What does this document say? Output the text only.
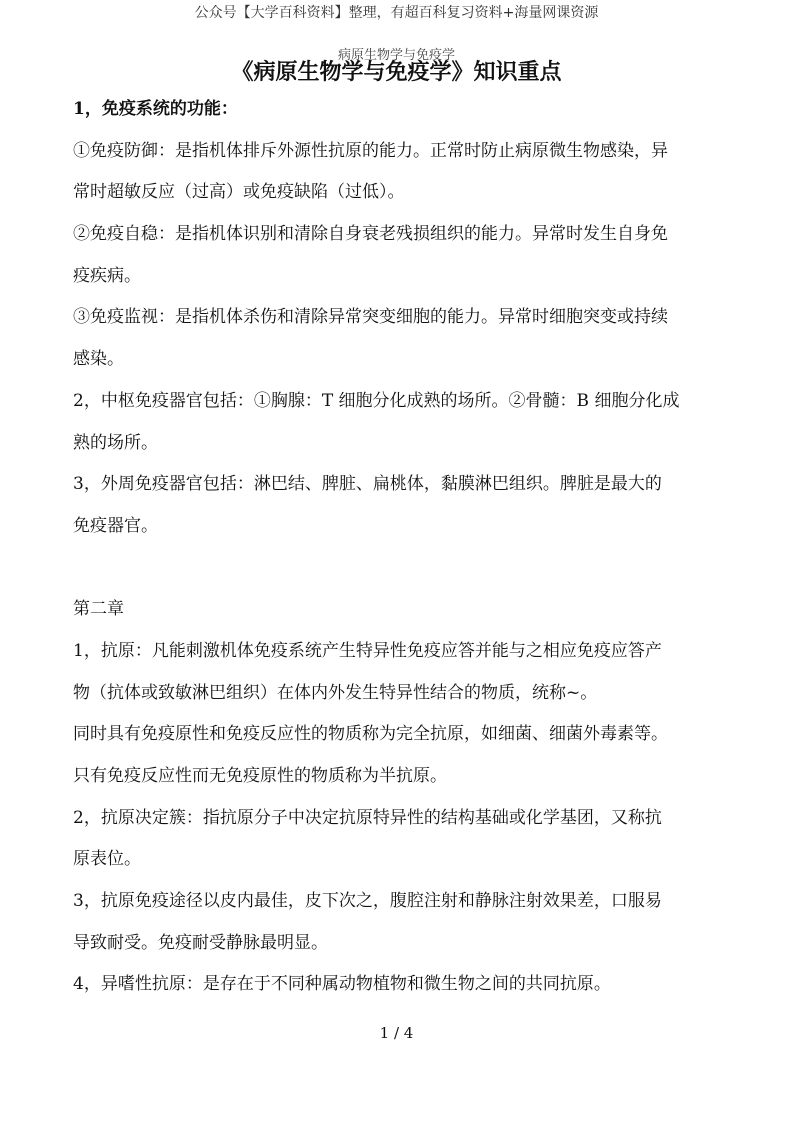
公众号【大学百科资料】整理，有超百科复习资料+海量网课资源
病原生物学与免疫学
《病原生物学与免疫学》知识重点
1，免疫系统的功能：
①免疫防御：是指机体排斥外源性抗原的能力。正常时防止病原微生物感染，异
常时超敏反应（过高）或免疫缺陷（过低）。
②免疫自稳：是指机体识别和清除自身衰老残损组织的能力。异常时发生自身免
疫疾病。
③免疫监视：是指机体杀伤和清除异常突变细胞的能力。异常时细胞突变或持续
感染。
2，中枢免疫器官包括：①胸腺：T 细胞分化成熟的场所。②骨髓：B 细胞分化成
熟的场所。
3，外周免疫器官包括：淋巴结、脾脏、扁桃体，黏膜淋巴组织。脾脏是最大的
免疫器官。
第二章
1，抗原：凡能刺激机体免疫系统产生特异性免疫应答并能与之相应免疫应答产
物（抗体或致敏淋巴组织）在体内外发生特异性结合的物质，统称~。
同时具有免疫原性和免疫反应性的物质称为完全抗原，如细菌、细菌外毒素等。
只有免疫反应性而无免疫原性的物质称为半抗原。
2，抗原决定簇：指抗原分子中决定抗原特异性的结构基础或化学基团，又称抗
原表位。
3，抗原免疫途径以皮内最佳，皮下次之，腹腔注射和静脉注射效果差，口服易
导致耐受。免疫耐受静脉最明显。
4，异嗜性抗原：是存在于不同种属动物植物和微生物之间的共同抗原。
1 / 4
